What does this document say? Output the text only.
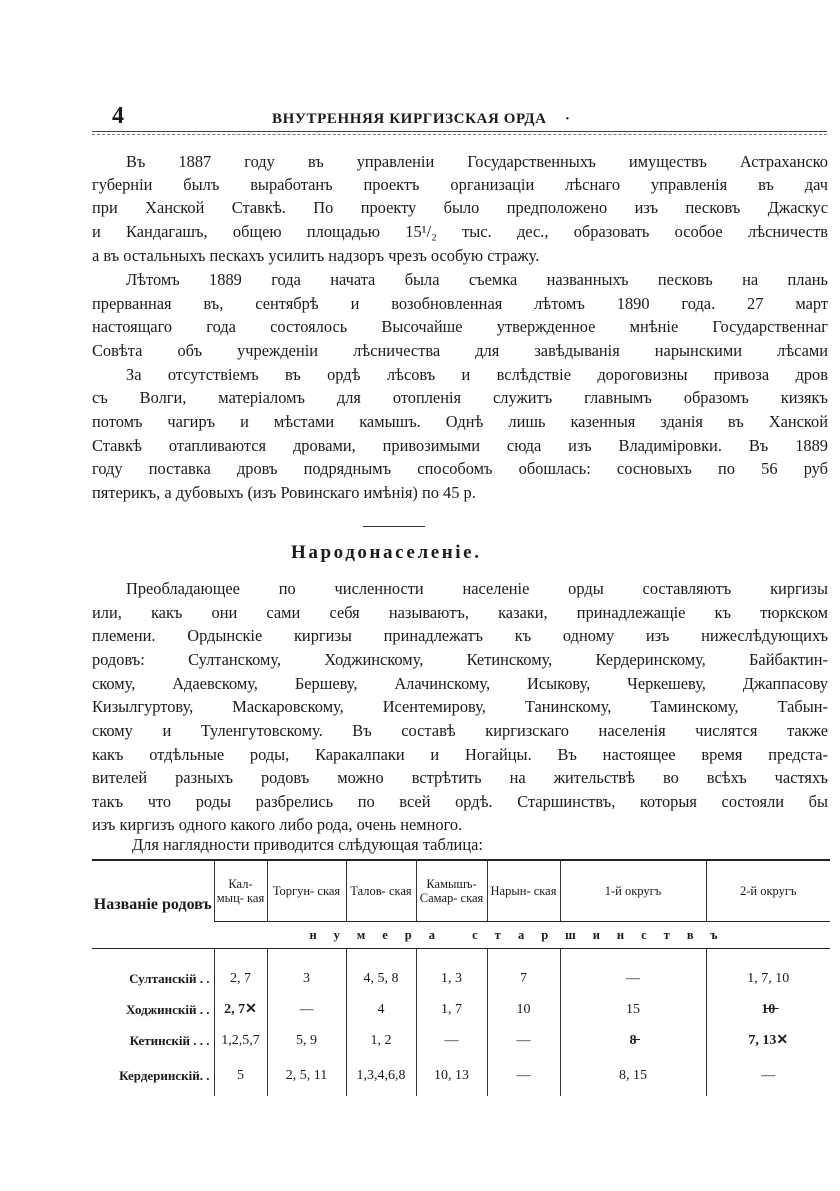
4	ВНУТРЕННЯЯ КИРГИЗСКАЯ ОРДА ·
Въ 1887 году въ управленіи Государственныхъ имуществъ Астраханско
губерніи былъ выработанъ проектъ организаціи лѣснаго управленія въ дач
при Ханской Ставкѣ. По проекту было предположено изъ песковъ Джаскус
и Кандагашъ, общею площадью 15¹/₂ тыс. дес., образовать особое лѣсничеств
а въ остальныхъ пескахъ усилить надзоръ чрезъ особую стражу.
Лѣтомъ 1889 года начата была съемка названныхъ песковъ на плань
прерванная въ, сентябрѣ и возобновленная лѣтомъ 1890 года. 27 март
настоящаго года состоялось Высочайше утвержденное мнѣніе Государственнаг
Совѣта объ учрежденіи лѣсничества для завѣдыванія нарынскими лѣсами
За отсутствіемъ въ ордѣ лѣсовъ и вслѣдствіе дороговизны привоза дров
съ Волги, матеріаломъ для отопленія служитъ главнымъ образомъ кизякъ
потомъ чагиръ и мѣстами камышъ. Однѣ лишь казенныя зданія въ Ханской
Ставкѣ отапливаются дровами, привозимыми сюда изъ Владиміровки. Въ 1889
году поставка дровъ подряднымъ способомъ обошлась: сосновыхъ по 56 руб
пятерикъ, а дубовыхъ (изъ Ровинскаго имѣнія) по 45 р.
Народонаселеніе.
Преобладающее по численности населеніе орды составляютъ киргизы
или, какъ они сами себя называютъ, казаки, принадлежащіе къ тюркском
племени. Ордынскіе киргизы принадлежатъ къ одному изъ нижеслѣдующихъ
родовъ: Султанскому, Ходжинскому, Кетинскому, Кердеринскому, Байбактин-
скому, Адаевскому, Бершеву, Алачинскому, Исыкову, Черкешеву, Джаппасову
Кизылгуртову, Маскаровскому, Исентемирову, Танинскому, Таминскому, Табын-
скому и Туленгутовскому. Въ составѣ киргизскаго населенія числятся также
какъ отдѣльные роды, Каракалпаки и Ногайцы. Въ настоящее время предста-
вителей разныхъ родовъ можно встрѣтить на жительствѣ во всѣхъ частяхъ
такъ что роды разбрелись по всей ордѣ. Старшинствъ, которыя состояли бы
изъ киргизъ одного какого либо рода, очень немного.
Для наглядности приводится слѣдующая таблица:
Названіе родовъ	Кал- мыц- кая	Торгун- ская	Талов- ская	Камышъ- Самар- ская	Нарын- ская	1-й округъ	2-й округъ
	нумера старшинствъ						
Султанскій . .	2, 7	3	4, 5, 8	1, 3	7	—	1, 7, 10
Ходжинскій . .	2, 7✕	—	4	1, 7	10	15	1̶0̶
Кетинскій . . .	1,2,5,7	5, 9	1, 2	—	—	8̶	7, 13✕
Кердеринскій. .	5	2, 5, 11	1,3,4,6,8	10, 13	—	8, 15	—
